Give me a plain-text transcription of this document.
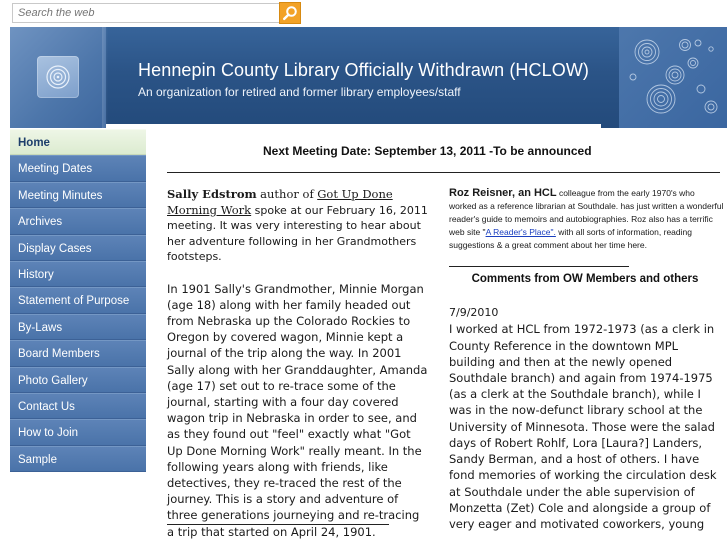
Search the web
Hennepin County Library Officially Withdrawn (HCLOW)
An organization for retired and former library employees/staff
Home
Meeting Dates
Meeting Minutes
Archives
Display Cases
History
Statement of Purpose
By-Laws
Board Members
Photo Gallery
Contact Us
How to Join
Sample
Next Meeting Date: September 13, 2011 -To be announced

Sally Edstrom author of Got Up Done Morning Work spoke at our February 16, 2011 meeting. It was very interesting to hear about her adventure following in her Grandmothers footsteps.

In 1901 Sally's Grandmother, Minnie Morgan (age 18) along with her family headed out from Nebraska up the Colorado Rockies to Oregon by covered wagon, Minnie kept a journal of the trip along the way. In 2001 Sally along with her Granddaughter, Amanda (age 17) set out to re-trace some of the journal, starting with a four day covered wagon trip in Nebraska in order to see, and as they found out "feel" exactly what "Got Up Done Morning Work" really meant. In the following years along with friends, like detectives, they re-traced the rest of the journey. This is a story and adventure of three generations journeying and re-tracing a trip that started on April 24, 1901.

Roz Reisner, an HCL colleague from the early 1970's who worked as a reference librarian at Southdale. has just written a wonderful reader's guide to memoirs and autobiographies. Roz also has a terrific web site "A Reader's Place". with all sorts of information, reading suggestions & a great comment about her time here.

Comments from OW Members and others
7/9/2010

I worked at HCL from 1972-1973 (as a clerk in County Reference in the downtown MPL building and then at the newly opened Southdale branch) and again from 1974-1975 (as a clerk at the Southdale branch), while I was in the now-defunct library school at the University of Minnesota. Those were the salad days of Robert Rohlf, Lora [Laura?] Landers, Sandy Berman, and a host of others. I have fond memories of working the circulation desk at Southdale under the able supervision of Monzetta (Zet) Cole and alongside a group of very eager and motivated coworkers, young
